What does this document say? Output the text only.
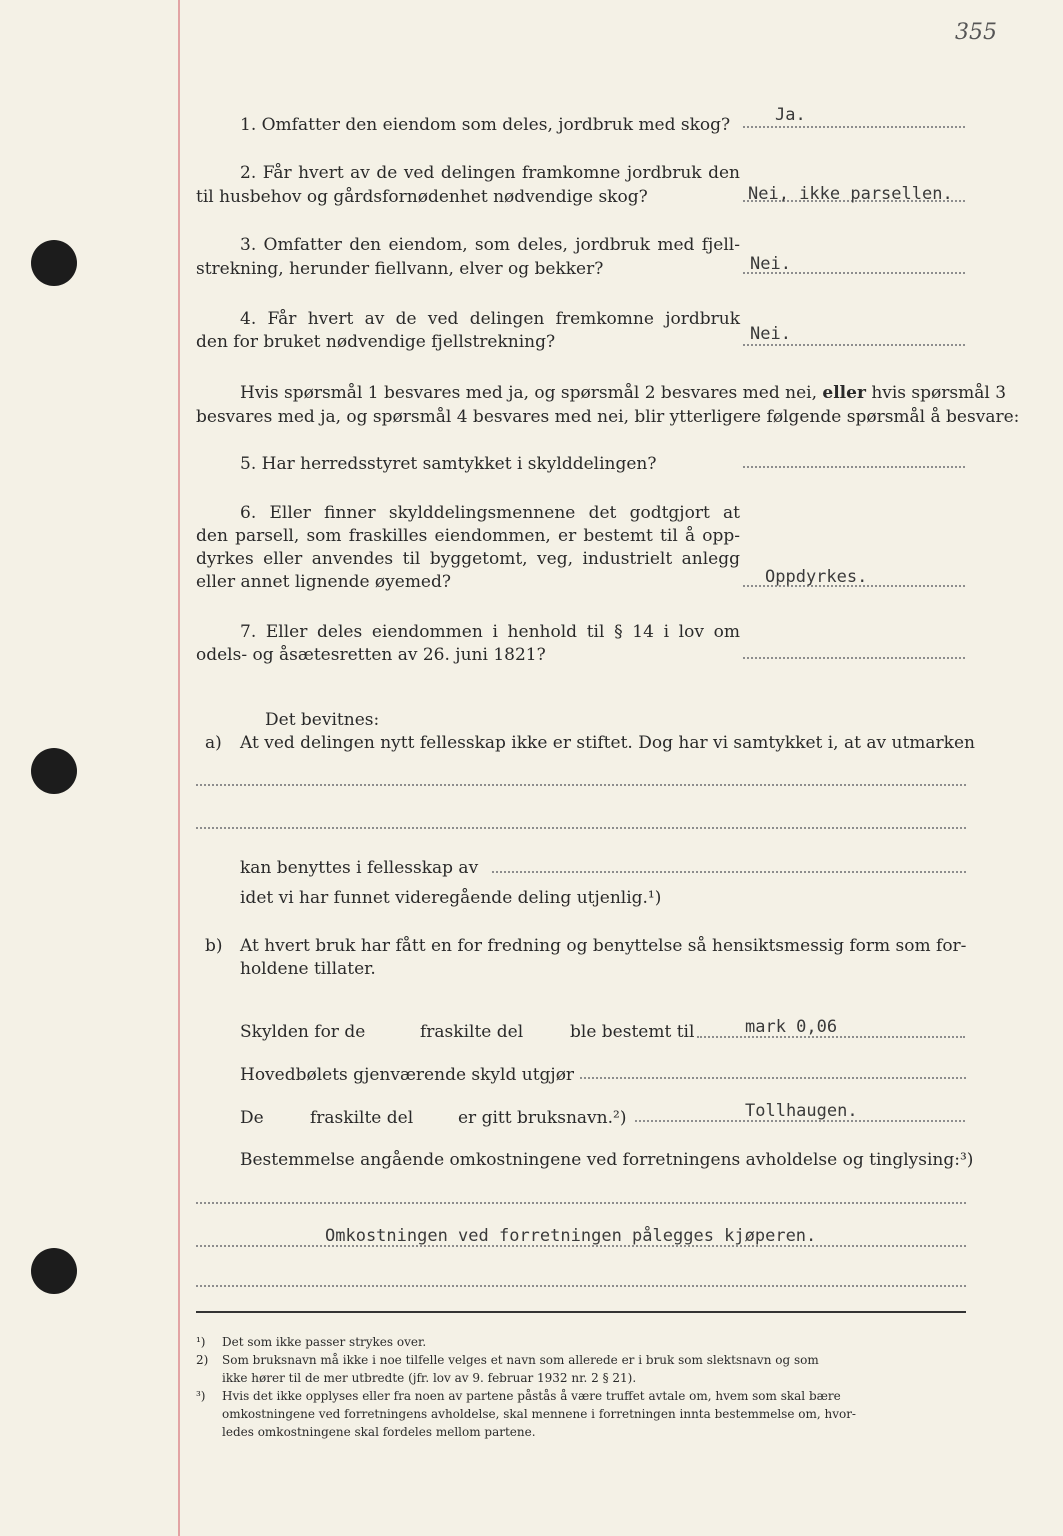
355
1. Omfatter den eiendom som deles, jordbruk med skog?	Ja.
2. Får hvert av de ved delingen framkomne jordbruk den
til husbehov og gårdsfornødenhet nødvendige skog?	Nei, ikke parsellen.
3. Omfatter den eiendom, som deles, jordbruk med fjell-
strekning, herunder fiellvann, elver og bekker?	Nei.
4. Får hvert av de ved delingen fremkomne jordbruk
den for bruket nødvendige fjellstrekning?	Nei.
Hvis spørsmål 1 besvares med ja, og spørsmål 2 besvares med nei, eller hvis spørsmål 3
besvares med ja, og spørsmål 4 besvares med nei, blir ytterligere følgende spørsmål å besvare:
5. Har herredsstyret samtykket i skylddelingen?
6. Eller finner skylddelingsmennene det godtgjort at
den parsell, som fraskilles eiendommen, er bestemt til å opp-
dyrkes eller anvendes til byggetomt, veg, industrielt anlegg
eller annet lignende øyemed?	Oppdyrkes.
7. Eller deles eiendommen i henhold til § 14 i lov om
odels- og åsætesretten av 26. juni 1821?
Det bevitnes:
a) At ved delingen nytt fellesskap ikke er stiftet. Dog har vi samtykket i, at av utmarken
kan benyttes i fellesskap av
idet vi har funnet videregående deling utjenlig.¹)
b) At hvert bruk har fått en for fredning og benyttelse så hensiktsmessig form som for-
holdene tillater.
Skylden for de	fraskilte del	ble bestemt til	mark 0,06
Hovedbølets gjenværende skyld utgjør
De	fraskilte del	er gitt bruksnavn.²)	Tollhaugen.
Bestemmelse angående omkostningene ved forretningens avholdelse og tinglysing:³)
Omkostningen ved forretningen pålegges kjøperen.
¹) Det som ikke passer strykes over.
2) Som bruksnavn må ikke i noe tilfelle velges et navn som allerede er i bruk som slektsnavn og som
ikke hører til de mer utbredte (jfr. lov av 9. februar 1932 nr. 2 § 21).
³) Hvis det ikke opplyses eller fra noen av partene påstås å være truffet avtale om, hvem som skal bære
omkostningene ved forretningens avholdelse, skal mennene i forretningen innta bestemmelse om, hvor-
ledes omkostningene skal fordeles mellom partene.
